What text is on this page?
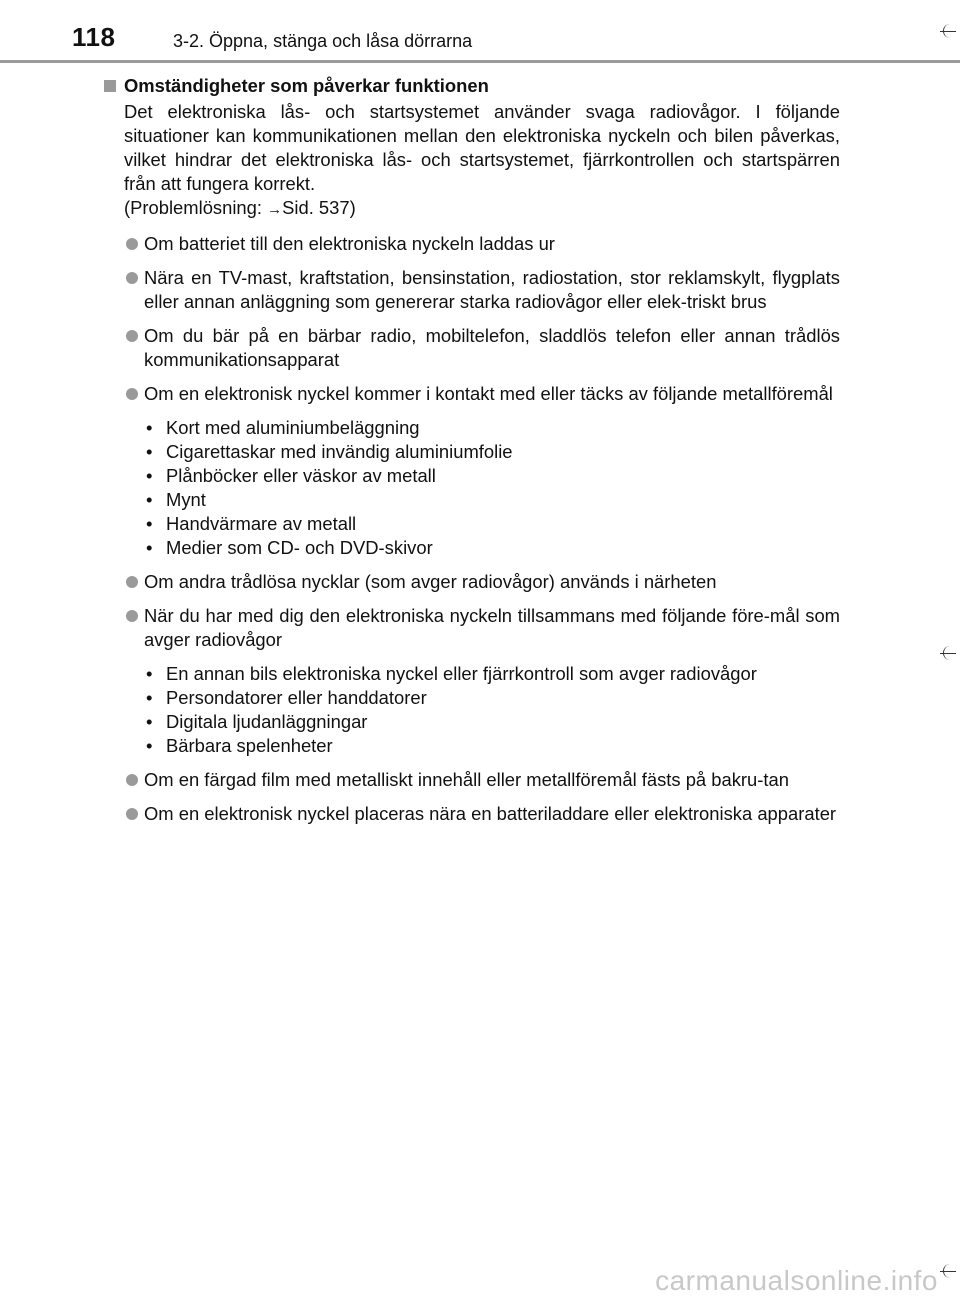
118	3-2. Öppna, stänga och låsa dörrarna
Omständigheter som påverkar funktionen
Det elektroniska lås- och startsystemet använder svaga radiovågor. I följande situationer kan kommunikationen mellan den elektroniska nyckeln och bilen påverkas, vilket hindrar det elektroniska lås- och startsystemet, fjärrkontrollen och startspärren från att fungera korrekt.
(Problemlösning: →Sid. 537)
Om batteriet till den elektroniska nyckeln laddas ur
Nära en TV-mast, kraftstation, bensinstation, radiostation, stor reklamskylt, flygplats eller annan anläggning som genererar starka radiovågor eller elek-triskt brus
Om du bär på en bärbar radio, mobiltelefon, sladdlös telefon eller annan trådlös kommunikationsapparat
Om en elektronisk nyckel kommer i kontakt med eller täcks av följande metallföremål
• Kort med aluminiumbeläggning
• Cigarettaskar med invändig aluminiumfolie
• Plånböcker eller väskor av metall
• Mynt
• Handvärmare av metall
• Medier som CD- och DVD-skivor
Om andra trådlösa nycklar (som avger radiovågor) används i närheten
När du har med dig den elektroniska nyckeln tillsammans med följande före-mål som avger radiovågor
• En annan bils elektroniska nyckel eller fjärrkontroll som avger radiovågor
• Persondatorer eller handdatorer
• Digitala ljudanläggningar
• Bärbara spelenheter
Om en färgad film med metalliskt innehåll eller metallföremål fästs på bakru-tan
Om en elektronisk nyckel placeras nära en batteriladdare eller elektroniska apparater
carmanualsonline.info
